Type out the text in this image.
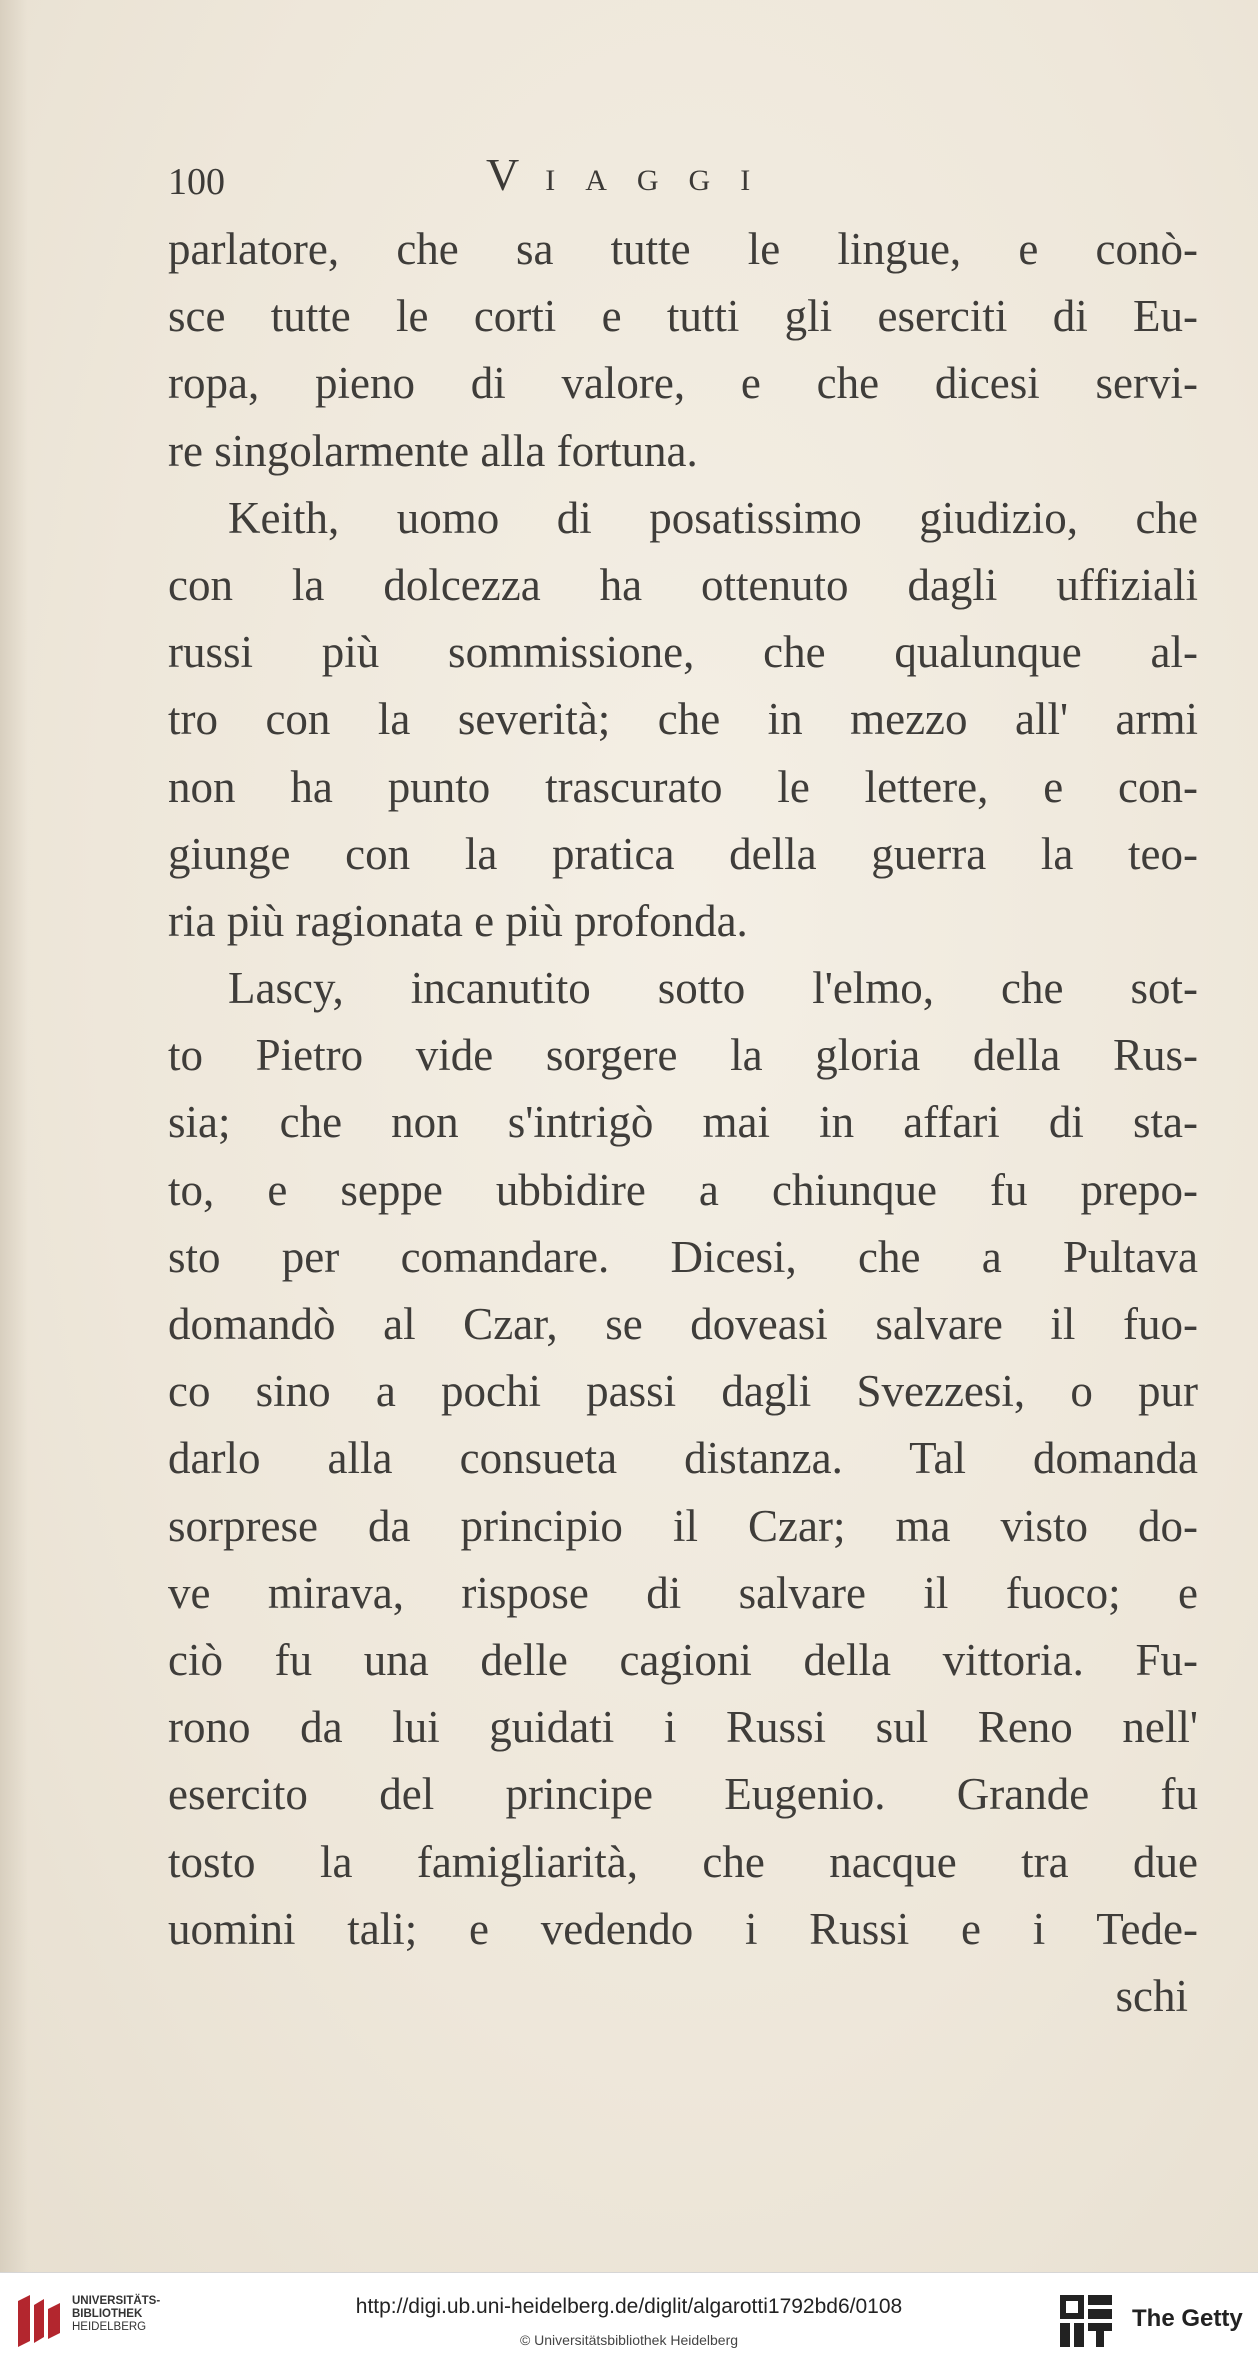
100	VIAGGI
parlatore, che sa tutte le lingue, e conò-
sce tutte le corti e tutti gli eserciti di Eu-
ropa, pieno di valore, e che dicesi servi-
re singolarmente alla fortuna.
Keith, uomo di posatissimo giudizio, che
con la dolcezza ha ottenuto dagli uffiziali
russi più sommissione, che qualunque al-
tro con la severità; che in mezzo all' armi
non ha punto trascurato le lettere, e con-
giunge con la pratica della guerra la teo-
ria più ragionata e più profonda.
Lascy, incanutito sotto l'elmo, che sot-
to Pietro vide sorgere la gloria della Rus-
sia; che non s'intrigò mai in affari di sta-
to, e seppe ubbidire a chiunque fu prepo-
sto per comandare. Dicesi, che a Pultava
domandò al Czar, se doveasi salvare il fuo-
co sino a pochi passi dagli Svezzesi, o pur
darlo alla consueta distanza. Tal domanda
sorprese da principio il Czar; ma visto do-
ve mirava, rispose di salvare il fuoco; e
ciò fu una delle cagioni della vittoria. Fu-
rono da lui guidati i Russi sul Reno nell'
esercito del principe Eugenio. Grande fu
tosto la famigliarità, che nacque tra due
uomini tali; e vedendo i Russi e i Tede-
schi
UNIVERSITÄTS-
BIBLIOTHEK
HEIDELBERG
http://digi.ub.uni-heidelberg.de/diglit/algarotti1792bd6/0108
© Universitätsbibliothek Heidelberg
The Getty
